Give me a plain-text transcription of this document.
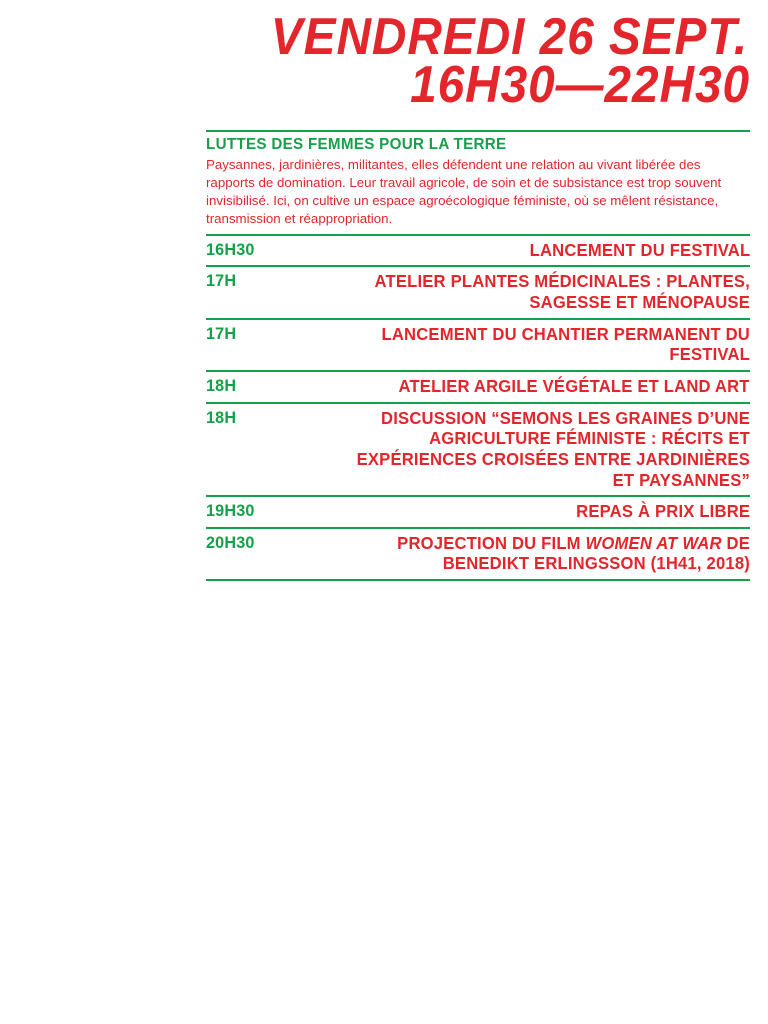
VENDREDI 26 SEPT.
16H30—22H30
LUTTES DES FEMMES POUR LA TERRE

Paysannes, jardinières, militantes, elles défendent une relation au vivant libérée des rapports de domination. Leur travail agricole, de soin et de subsistance est trop souvent invisibilisé. Ici, on cultive un espace agroécologique féministe, où se mêlent résistance, transmission et réappropriation.

16H30	LANCEMENT DU FESTIVAL
17H	ATELIER PLANTES MÉDICINALES : PLANTES, SAGESSE ET MÉNOPAUSE
17H	LANCEMENT DU CHANTIER PERMANENT DU FESTIVAL
18H	ATELIER ARGILE VÉGÉTALE ET LAND ART
18H	DISCUSSION “SEMONS LES GRAINES D’UNE AGRICULTURE FÉMINISTE : RÉCITS ET EXPÉRIENCES CROISÉES ENTRE JARDINIÈRES ET PAYSANNES”
19H30	REPAS À PRIX LIBRE
20H30	PROJECTION DU FILM WOMEN AT WAR DE BENEDIKT ERLINGSSON (1H41, 2018)
